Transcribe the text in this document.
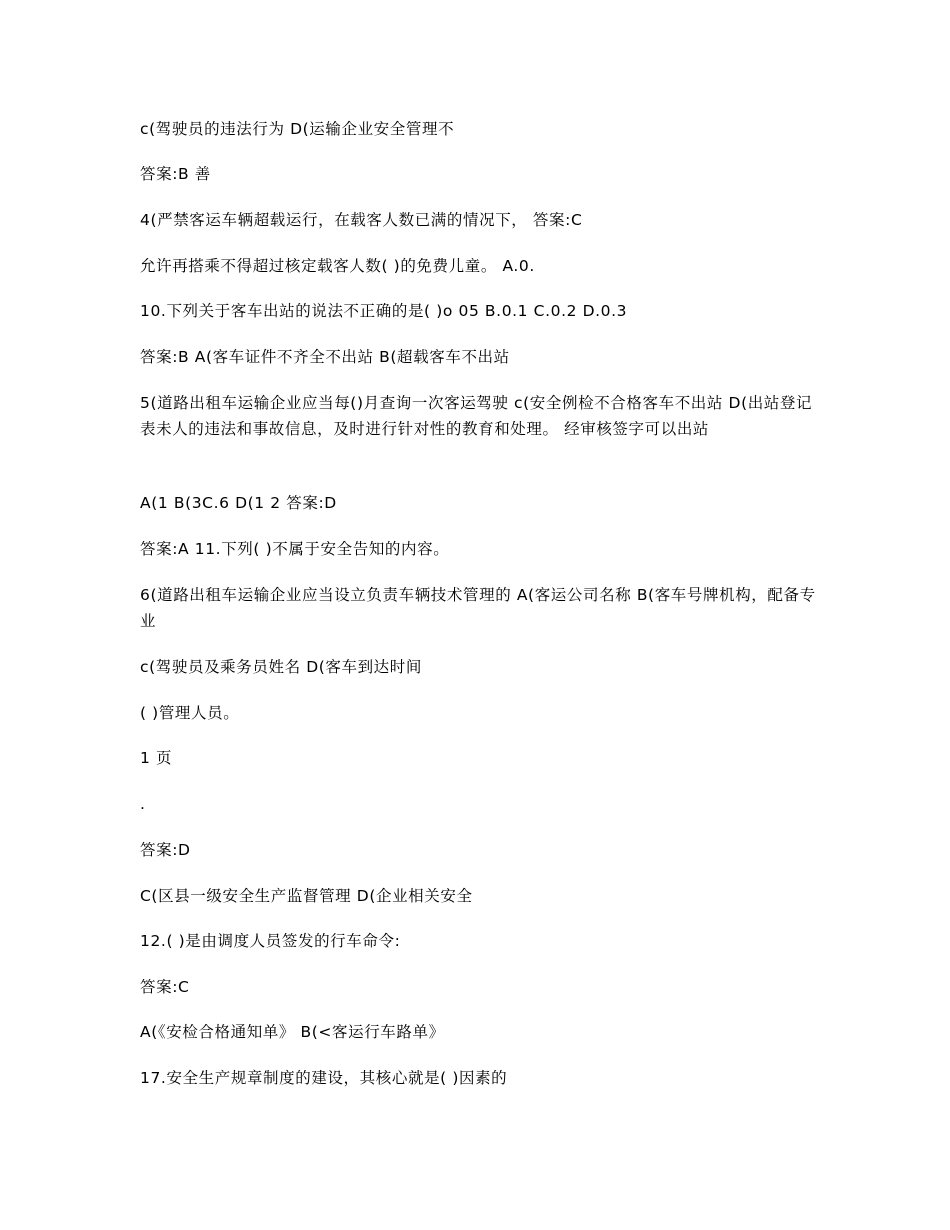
c(驾驶员的违法行为 D(运输企业安全管理不
答案:B 善
4(严禁客运车辆超载运行，在载客人数已满的情况下， 答案:C
允许再搭乘不得超过核定载客人数( )的免费儿童。 A.0.
10.下列关于客车出站的说法不正确的是( )o 05 B.0.1 C.0.2 D.0.3
答案:B A(客车证件不齐全不出站 B(超载客车不出站
5(道路出租车运输企业应当每()月查询一次客运驾驶 c(安全例检不合格客车不出站 D(出站登记表未人的违法和事故信息，及时进行针对性的教育和处理。 经审核签字可以出站
A(1 B(3C.6 D(1 2 答案:D
答案:A 11.下列( )不属于安全告知的内容。
6(道路出租车运输企业应当设立负责车辆技术管理的 A(客运公司名称 B(客车号牌机构，配备专业
c(驾驶员及乘务员姓名 D(客车到达时间
( )管理人员。
1 页
.
答案:D
C(区县一级安全生产监督管理 D(企业相关安全
12.( )是由调度人员签发的行车命令:
答案:C
A(《安检合格通知单》 B(<客运行车路单》
17.安全生产规章制度的建设，其核心就是( )因素的
